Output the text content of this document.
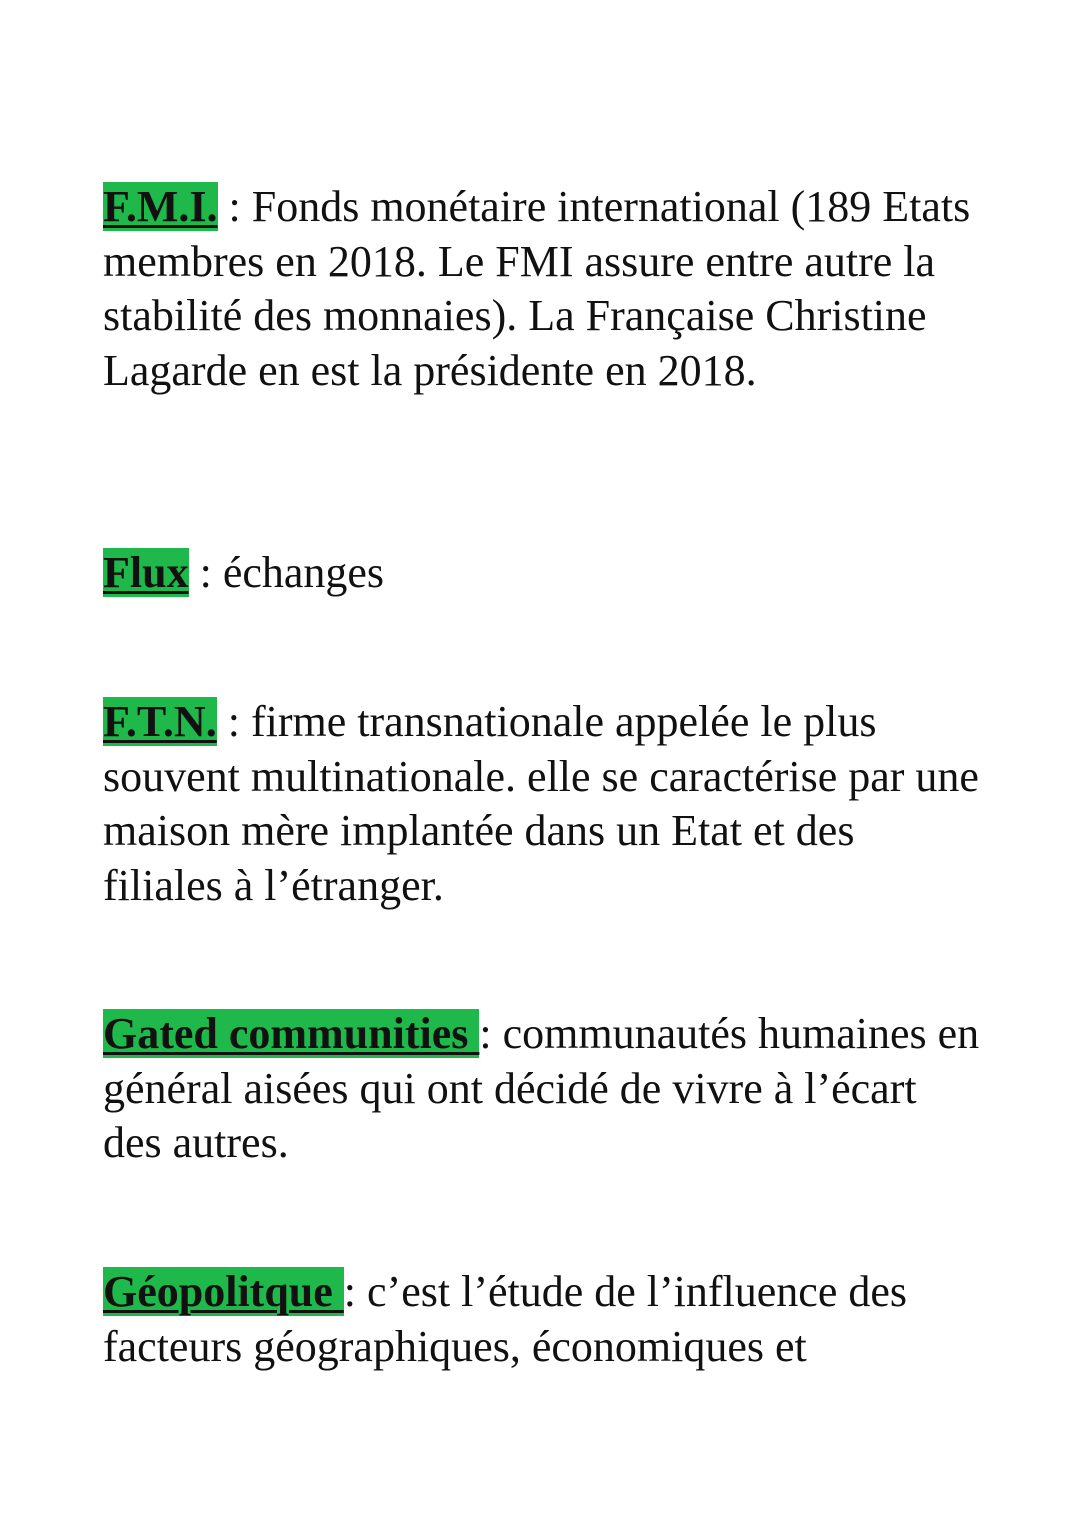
F.M.I. : Fonds monétaire international (189 Etats membres en 2018. Le FMI assure entre autre la stabilité des monnaies). La Française Christine Lagarde en est la présidente en 2018.

Flux : échanges

F.T.N. : firme transnationale appelée le plus souvent multinationale. elle se caractérise par une maison mère implantée dans un Etat et des filiales à l’étranger.

Gated communities : communautés humaines en général aisées qui ont décidé de vivre à l’écart des autres.

Géopolitque : c’est l’étude de l’influence des facteurs géographiques, économiques et
